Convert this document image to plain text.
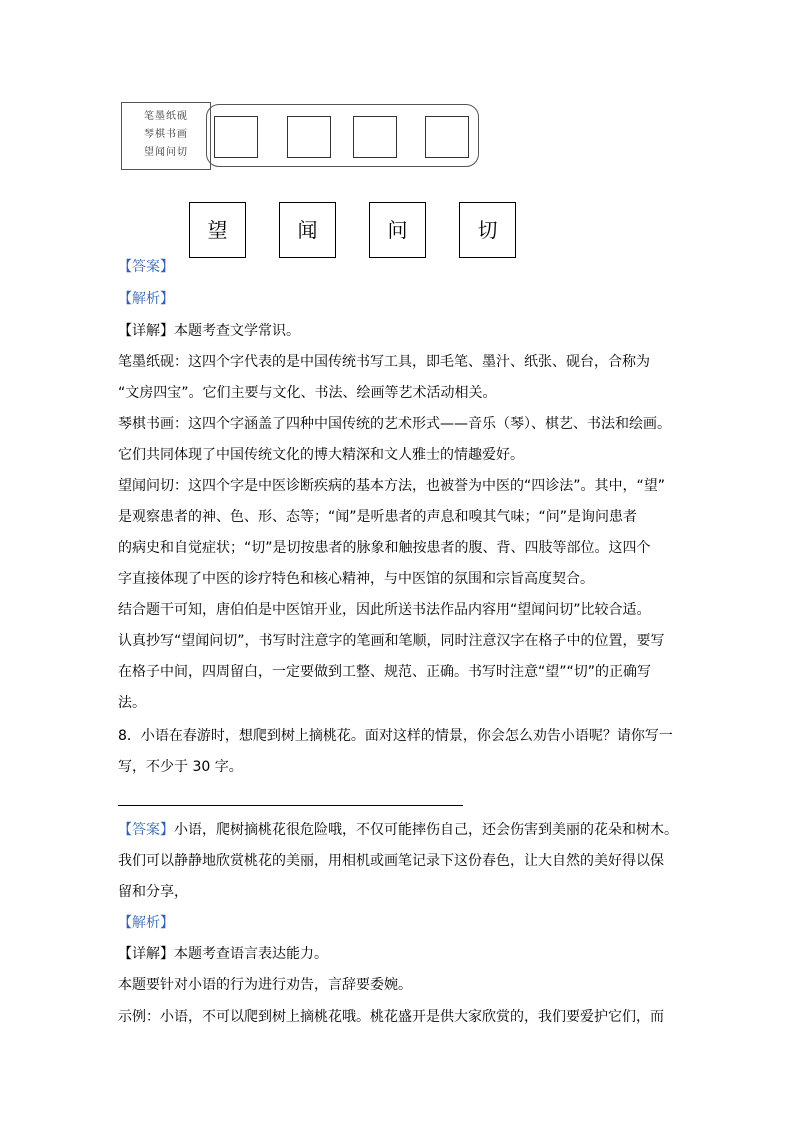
笔墨纸砚
琴棋书画
望闻问切
望	闻	问	切
【答案】
【解析】
【详解】本题考查文学常识。
笔墨纸砚：这四个字代表的是中国传统书写工具，即毛笔、墨汁、纸张、砚台，合称为
“文房四宝”。它们主要与文化、书法、绘画等艺术活动相关。
琴棋书画：这四个字涵盖了四种中国传统的艺术形式——音乐（琴）、棋艺、书法和绘画。
它们共同体现了中国传统文化的博大精深和文人雅士的情趣爱好。
望闻问切：这四个字是中医诊断疾病的基本方法，也被誉为中医的“四诊法”。其中，“望”
是观察患者的神、色、形、态等；“闻”是听患者的声息和嗅其气味；“问”是询问患者
的病史和自觉症状；“切”是切按患者的脉象和触按患者的腹、背、四肢等部位。这四个
字直接体现了中医的诊疗特色和核心精神，与中医馆的氛围和宗旨高度契合。
结合题干可知，唐伯伯是中医馆开业，因此所送书法作品内容用“望闻问切”比较合适。
认真抄写“望闻问切”，书写时注意字的笔画和笔顺，同时注意汉字在格子中的位置，要写
在格子中间，四周留白，一定要做到工整、规范、正确。书写时注意“望”“切”的正确写
法。
8．小语在春游时，想爬到树上摘桃花。面对这样的情景，你会怎么劝告小语呢？请你写一
写，不少于 30 字。
【答案】小语，爬树摘桃花很危险哦，不仅可能摔伤自己，还会伤害到美丽的花朵和树木。
我们可以静静地欣赏桃花的美丽，用相机或画笔记录下这份春色，让大自然的美好得以保
留和分享，
【解析】
【详解】本题考查语言表达能力。
本题要针对小语的行为进行劝告，言辞要委婉。
示例：小语，不可以爬到树上摘桃花哦。桃花盛开是供大家欣赏的，我们要爱护它们，而
